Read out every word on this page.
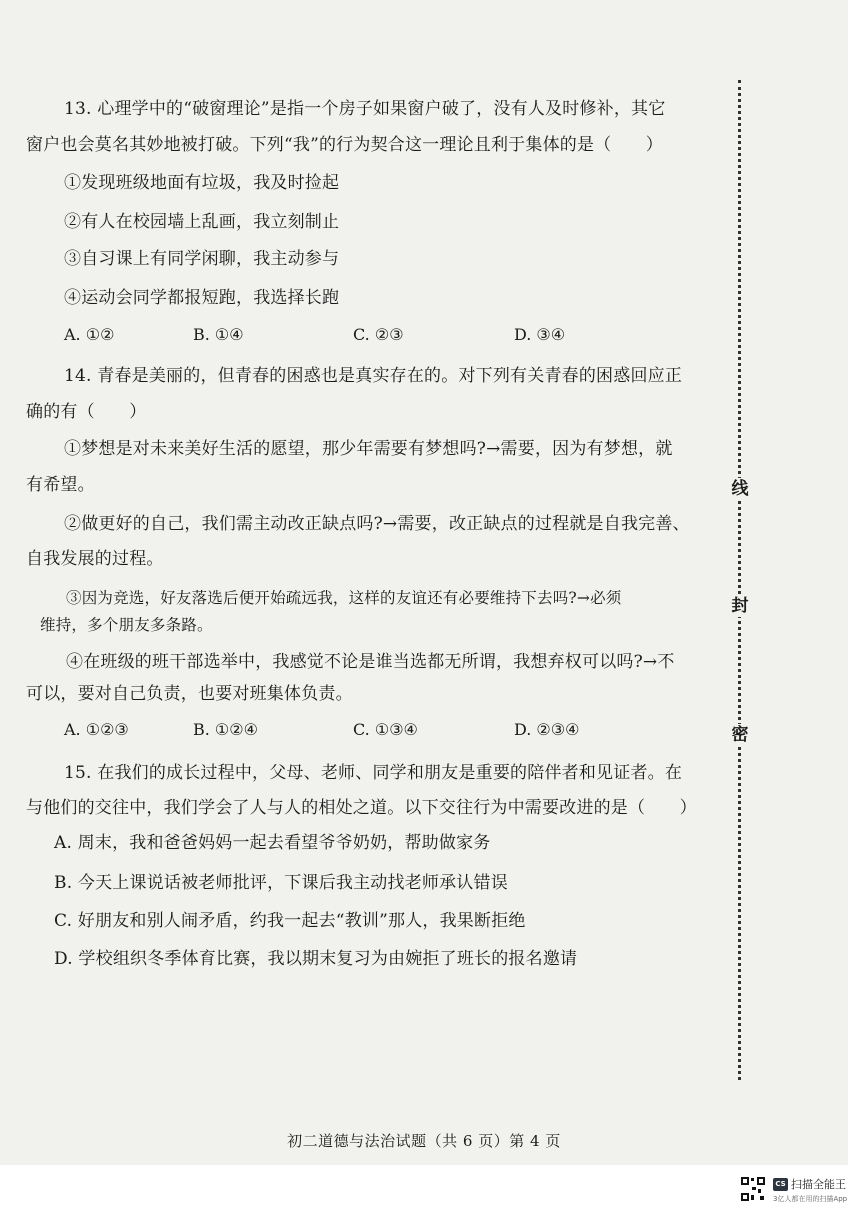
13. 心理学中的“破窗理论”是指一个房子如果窗户破了，没有人及时修补，其它
窗户也会莫名其妙地被打破。下列“我”的行为契合这一理论且利于集体的是（　　）
①发现班级地面有垃圾，我及时捡起
②有人在校园墙上乱画，我立刻制止
③自习课上有同学闲聊，我主动参与
④运动会同学都报短跑，我选择长跑
A. ①②	B. ①④	C. ②③	D. ③④
14. 青春是美丽的，但青春的困惑也是真实存在的。对下列有关青春的困惑回应正
确的有（　　）
①梦想是对未来美好生活的愿望，那少年需要有梦想吗?→需要，因为有梦想，就
有希望。
②做更好的自己，我们需主动改正缺点吗?→需要，改正缺点的过程就是自我完善、
自我发展的过程。
③因为竞选，好友落选后便开始疏远我，这样的友谊还有必要维持下去吗?→必须
维持，多个朋友多条路。
④在班级的班干部选举中，我感觉不论是谁当选都无所谓，我想弃权可以吗?→不
可以，要对自己负责，也要对班集体负责。
A. ①②③	B. ①②④	C. ①③④	D. ②③④
15. 在我们的成长过程中，父母、老师、同学和朋友是重要的陪伴者和见证者。在
与他们的交往中，我们学会了人与人的相处之道。以下交往行为中需要改进的是（　　）
A. 周末，我和爸爸妈妈一起去看望爷爷奶奶，帮助做家务
B. 今天上课说话被老师批评，下课后我主动找老师承认错误
C. 好朋友和别人闹矛盾，约我一起去“教训”那人，我果断拒绝
D. 学校组织冬季体育比赛，我以期末复习为由婉拒了班长的报名邀请
线
封
密
初二道德与法治试题（共 6 页）第 4 页
CS 扫描全能王
3亿人都在用的扫描App
